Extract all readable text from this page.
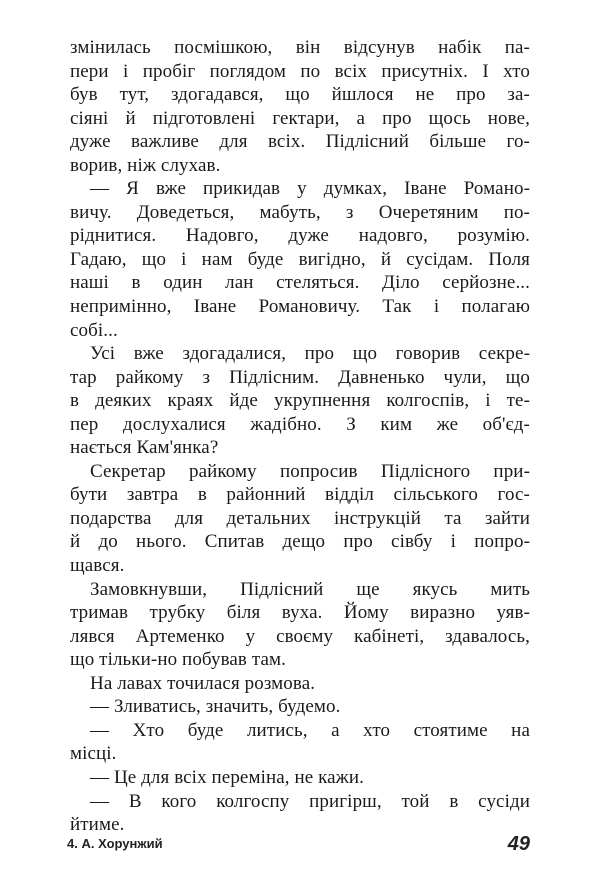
змінилась посмішкою, він відсунув набік па-
пери і пробіг поглядом по всіх присутніх. І хто
був тут, здогадався, що йшлося не про за-
сіяні й підготовлені гектари, а про щось нове,
дуже важливе для всіх. Підлісний більше го-
ворив, ніж слухав.
— Я вже прикидав у думках, Іване Романо-
вичу. Доведеться, мабуть, з Очеретяним по-
ріднитися. Надовго, дуже надовго, розумію.
Гадаю, що і нам буде вигідно, й сусідам. Поля
наші в один лан стеляться. Діло серйозне...
неприміннo, Іване Романовичу. Так і полагаю
собі...
Усі вже здогадалися, про що говорив секре-
тар райкому з Підлісним. Давненько чули, що
в деяких краях йде укрупнення колгоспів, і те-
пер дослухалися жадібно. З ким же об'єд-
нається Кам'янка?
Секретар райкому попросив Підлісного при-
бути завтра в районний відділ сільського гос-
подарства для детальних інструкцій та зайти
й до нього. Спитав дещо про сівбу і попро-
щався.
Замовкнувши, Підлісний ще якусь мить
тримав трубку біля вуха. Йому виразно уяв-
лявся Артеменко у своєму кабінеті, здавалось,
що тільки-но побував там.
На лавах точилася розмова.
— Зливатись, значить, будемо.
— Хто буде литись, а хто стоятиме на
місці.
— Це для всіх переміна, не кажи.
— В кого колгоспу пригірш, той в сусіди
йтиме.
4. А. Хорунжий	49
